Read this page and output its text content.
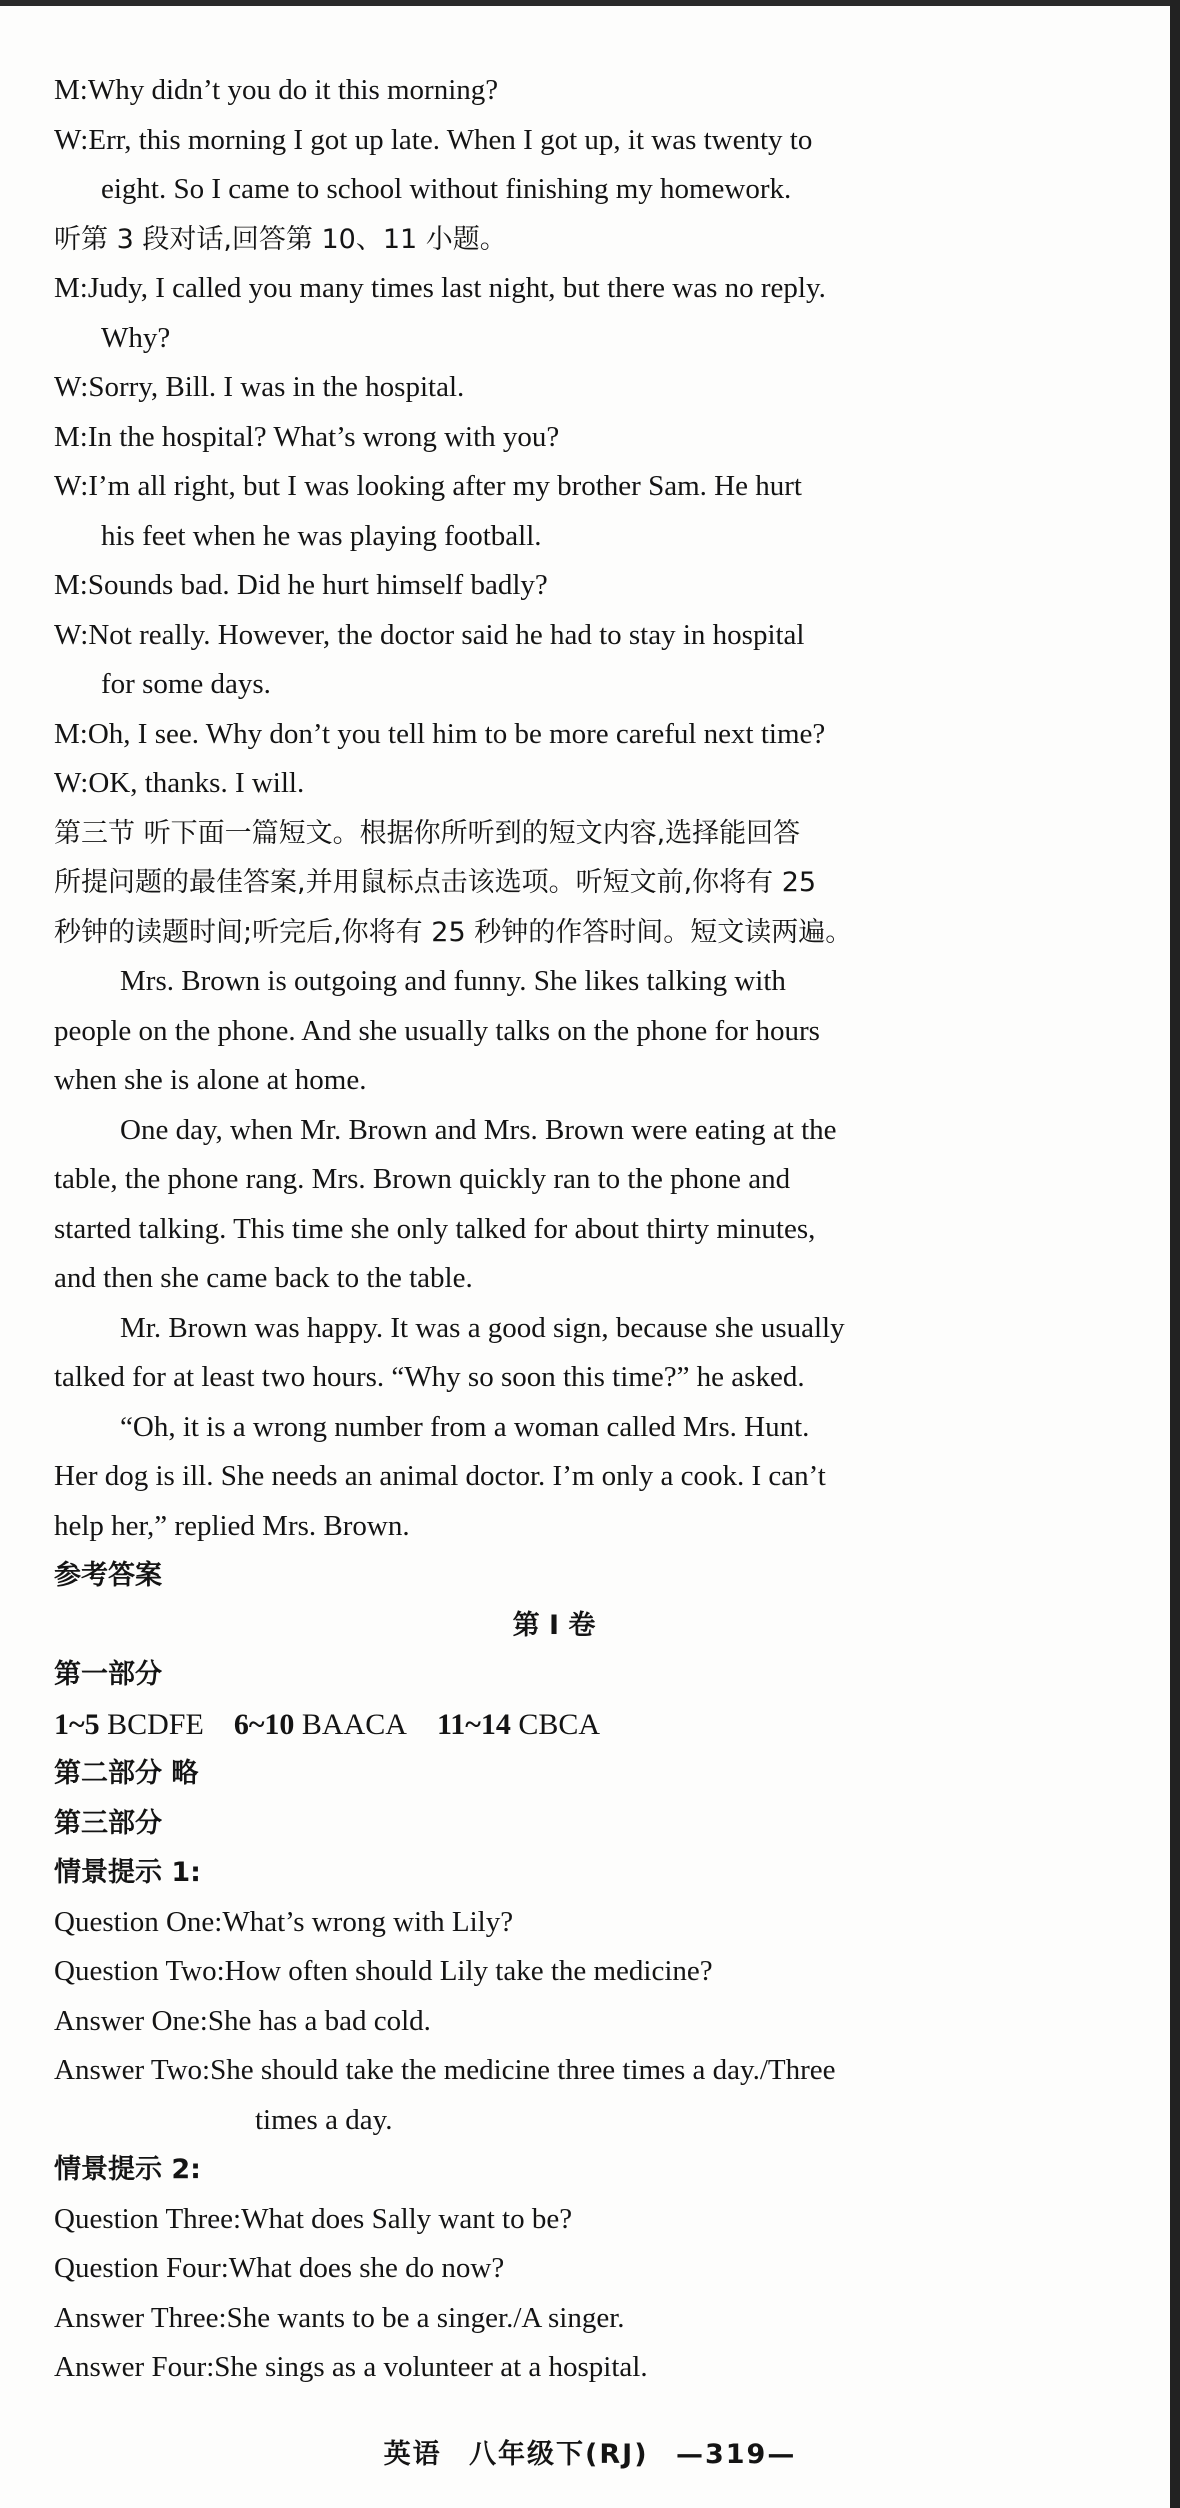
M:Why didn’t you do it this morning?
W:Err, this morning I got up late. When I got up, it was twenty to
eight. So I came to school without finishing my homework.
听第 3 段对话,回答第 10、11 小题。
M:Judy, I called you many times last night, but there was no reply.
Why?
W:Sorry, Bill. I was in the hospital.
M:In the hospital? What’s wrong with you?
W:I’m all right, but I was looking after my brother Sam. He hurt
his feet when he was playing football.
M:Sounds bad. Did he hurt himself badly?
W:Not really. However, the doctor said he had to stay in hospital
for some days.
M:Oh, I see. Why don’t you tell him to be more careful next time?
W:OK, thanks. I will.
第三节 听下面一篇短文。根据你所听到的短文内容,选择能回答
所提问题的最佳答案,并用鼠标点击该选项。听短文前,你将有 25
秒钟的读题时间;听完后,你将有 25 秒钟的作答时间。短文读两遍。
Mrs. Brown is outgoing and funny. She likes talking with
people on the phone. And she usually talks on the phone for hours
when she is alone at home.
One day, when Mr. Brown and Mrs. Brown were eating at the
table, the phone rang. Mrs. Brown quickly ran to the phone and
started talking. This time she only talked for about thirty minutes,
and then she came back to the table.
Mr. Brown was happy. It was a good sign, because she usually
talked for at least two hours. “Why so soon this time?” he asked.
“Oh, it is a wrong number from a woman called Mrs. Hunt.
Her dog is ill. She needs an animal doctor. I’m only a cook. I can’t
help her,” replied Mrs. Brown.
参考答案
第 I 卷
第一部分
1~5 BCDFE 6~10 BAACA 11~14 CBCA
第二部分 略
第三部分
情景提示 1:
Question One:What’s wrong with Lily?
Question Two:How often should Lily take the medicine?
Answer One:She has a bad cold.
Answer Two:She should take the medicine three times a day./Three
times a day.
情景提示 2:
Question Three:What does Sally want to be?
Question Four:What does she do now?
Answer Three:She wants to be a singer./A singer.
Answer Four:She sings as a volunteer at a hospital.
英语 八年级下(RJ) —319—
